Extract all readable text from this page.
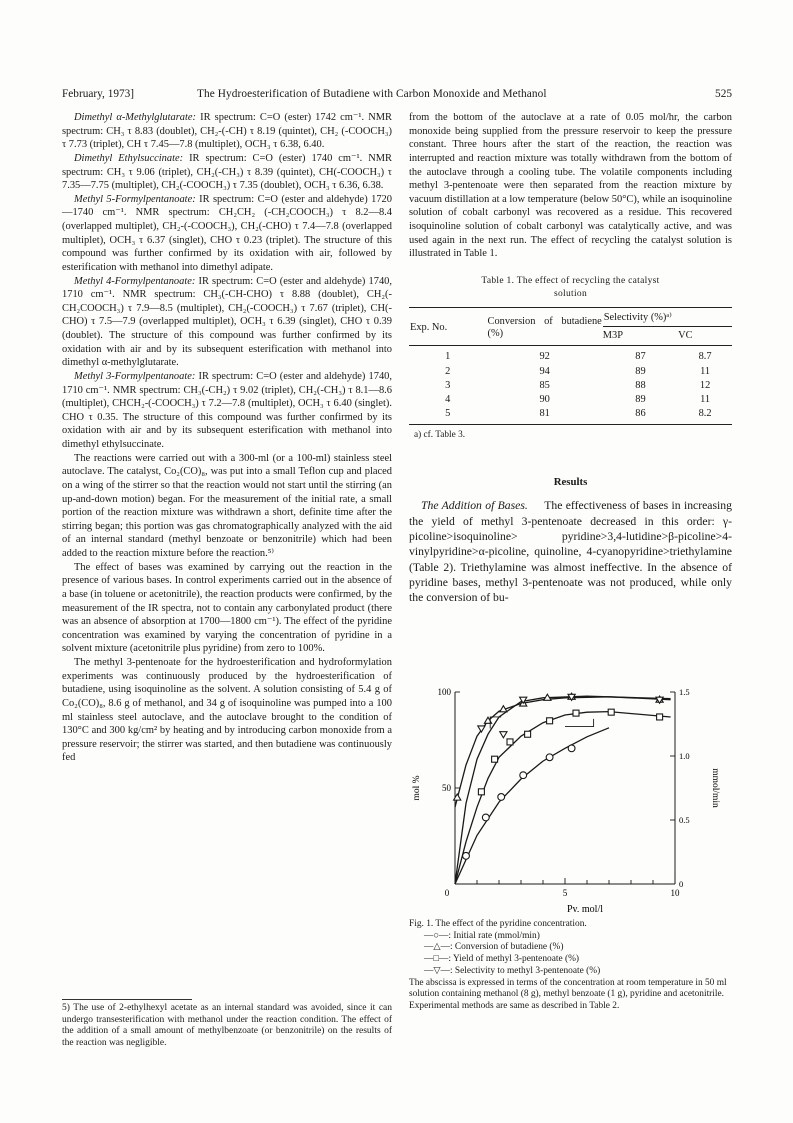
February, 1973]	The Hydroesterification of Butadiene with Carbon Monoxide and Methanol	525

Dimethyl α-Methylglutarate: IR spectrum: C=O (ester) 1742 cm⁻¹. NMR spectrum: CH₃ τ 8.83 (doublet), CH₂-(-CH) τ 8.19 (quintet), CH₂ (-COOCH₃) τ 7.73 (triplet), CH τ 7.45—7.8 (multiplet), OCH₃ τ 6.38, 6.40.

Dimethyl Ethylsuccinate: IR spectrum: C=O (ester) 1740 cm⁻¹. NMR spectrum: CH₃ τ 9.06 (triplet), CH₂(-CH₃) τ 8.39 (quintet), CH(-COOCH₃) τ 7.35—7.75 (multiplet), CH₂(-COOCH₃) τ 7.35 (doublet), OCH₃ τ 6.36, 6.38.

Methyl 5-Formylpentanoate: IR spectrum: C=O (ester and aldehyde) 1720—1740 cm⁻¹. NMR spectrum: CH₂CH₂ (-CH₂COOCH₃) τ 8.2—8.4 (overlapped multiplet), CH₂-(-COOCH₃), CH₂(-CHO) τ 7.4—7.8 (overlapped multiplet), OCH₃ τ 6.37 (singlet), CHO τ 0.23 (triplet). The structure of this compound was further confirmed by its oxidation with air, followed by esterification with methanol into dimethyl adipate.

Methyl 4-Formylpentanoate: IR spectrum: C=O (ester and aldehyde) 1740, 1710 cm⁻¹. NMR spectrum: CH₃(-CH-CHO) τ 8.88 (doublet), CH₂(-CH₂COOCH₃) τ 7.9—8.5 (multiplet), CH₂(-COOCH₃) τ 7.67 (triplet), CH(-CHO) τ 7.5—7.9 (overlapped multiplet), OCH₃ τ 6.39 (singlet), CHO τ 0.39 (doublet). The structure of this compound was further confirmed by its oxidation with air and by its subsequent esterification with methanol into dimethyl α-methylglutarate.

Methyl 3-Formylpentanoate: IR spectrum: C=O (ester and aldehyde) 1740, 1710 cm⁻¹. NMR spectrum: CH₃(-CH₂) τ 9.02 (triplet), CH₂(-CH₃) τ 8.1—8.6 (multiplet), CHCH₂-(-COOCH₃) τ 7.2—7.8 (multiplet), OCH₃ τ 6.40 (singlet). CHO τ 0.35. The structure of this compound was further confirmed by its oxidation with air and by its subsequent esterification with methanol into dimethyl ethylsuccinate.

The reactions were carried out with a 300-ml (or a 100-ml) stainless steel autoclave. The catalyst, Co₂(CO)₈, was put into a small Teflon cup and placed on a wing of the stirrer so that the reaction would not start until the stirring (an up-and-down motion) began. For the measurement of the initial rate, a small portion of the reaction mixture was withdrawn a short, definite time after the stirring began; this portion was gas chromatographically analyzed with the aid of an internal standard (methyl benzoate or benzonitrile) which had been added to the reaction mixture before the reaction.⁵⁾

The effect of bases was examined by carrying out the reaction in the presence of various bases. In control experiments carried out in the absence of a base (in toluene or acetonitrile), the reaction products were confirmed, by the measurement of the IR spectra, not to contain any carbonylated product (there was an absence of absorption at 1700—1800 cm⁻¹). The effect of the pyridine concentration was examined by varying the concentration of pyridine in a solvent mixture (acetonitrile plus pyridine) from zero to 100%.

The methyl 3-pentenoate for the hydroesterification and hydroformylation experiments was continuously produced by the hydroesterification of butadiene, using isoquinoline as the solvent. A solution consisting of 5.4 g of Co₂(CO)₈, 8.6 g of methanol, and 34 g of isoquinoline was pumped into a 100 ml stainless steel autoclave, and the autoclave brought to the condition of 130°C and 300 kg/cm² by heating and by introducing carbon monoxide from a pressure reservoir; the stirrer was started, and then butadiene was continuously fed

5) The use of 2-ethylhexyl acetate as an internal standard was avoided, since it can undergo transesterification with methanol under the reaction condition. The effect of the addition of a small amount of methylbenzoate (or benzonitrile) on the results of the reaction was negligible.

from the bottom of the autoclave at a rate of 0.05 mol/hr, the carbon monoxide being supplied from the pressure reservoir to keep the pressure constant. Three hours after the start of the reaction, the reaction was interrupted and reaction mixture was totally withdrawn from the bottom of the autoclave through a cooling tube. The volatile components including methyl 3-pentenoate were then separated from the reaction mixture by vacuum distillation at a low temperature (below 50°C), while an isoquinoline solution of cobalt carbonyl was recovered as a residue. This recovered isoquinoline solution of cobalt carbonyl was catalytically active, and was used again in the next run. The effect of recycling the catalyst solution is illustrated in Table 1.

Table 1. The effect of recycling the catalyst
solution
Exp. No.	Conversion of butadiene (%)	Selectivity (%)ᵃ⁾	
		M3P	VC
1	92	87	8.7
2	94	89	11
3	85	88	12
4	90	89	11
5	81	86	8.2
a) cf. Table 3.
Results

The Addition of Bases. The effectiveness of bases in increasing the yield of methyl 3-pentenoate decreased in this order: γ-picoline>isoquinoline> pyridine>3,4-lutidine>β-picoline>4-vinylpyridine>α-picoline, quinoline, 4-cyanopyridine>triethylamine (Table 2). Triethylamine was almost ineffective. In the absence of pyridine bases, methyl 3-pentenoate was not produced, while only the conversion of bu-

0	5	10
50
100
0
0.5
1.0
1.5
mol %	mmol/min
Py, mol/l
Fig. 1. The effect of the pyridine concentration.
—○—: Initial rate (mmol/min)
—△—: Conversion of butadiene (%)
—□—: Yield of methyl 3-pentenoate (%)
—▽—: Selectivity to methyl 3-pentenoate (%)
The abscissa is expressed in terms of the concentration at room temperature in 50 ml solution containing methanol (8 g), methyl benzoate (1 g), pyridine and acetonitrile. Experimental methods are same as described in Table 2.
